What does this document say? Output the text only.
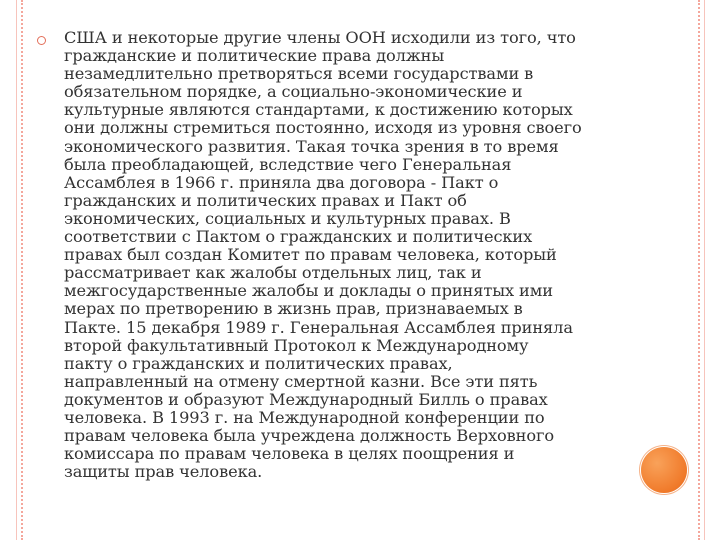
США и некоторые другие члены ООН исходили из того, что
гражданские и политические права должны
незамедлительно претворяться всеми государствами в
обязательном порядке, а социально-экономические и
культурные являются стандартами, к достижению которых
они должны стремиться постоянно, исходя из уровня своего
экономического развития. Такая точка зрения в то время
была преобладающей, вследствие чего Генеральная
Ассамблея в 1966 г. приняла два договора - Пакт о
гражданских и политических правах и Пакт об
экономических, социальных и культурных правах. В
соответствии с Пактом о гражданских и политических
правах был создан Комитет по правам человека, который
рассматривает как жалобы отдельных лиц, так и
межгосударственные жалобы и доклады о принятых ими
мерах по претворению в жизнь прав, признаваемых в
Пакте. 15 декабря 1989 г. Генеральная Ассамблея приняла
второй факультативный Протокол к Международному
пакту о гражданских и политических правах,
направленный на отмену смертной казни. Все эти пять
документов и образуют Международный Билль о правах
человека. В 1993 г. на Международной конференции по
правам человека была учреждена должность Верховного
комиссара по правам человека в целях поощрения и
защиты прав человека.
